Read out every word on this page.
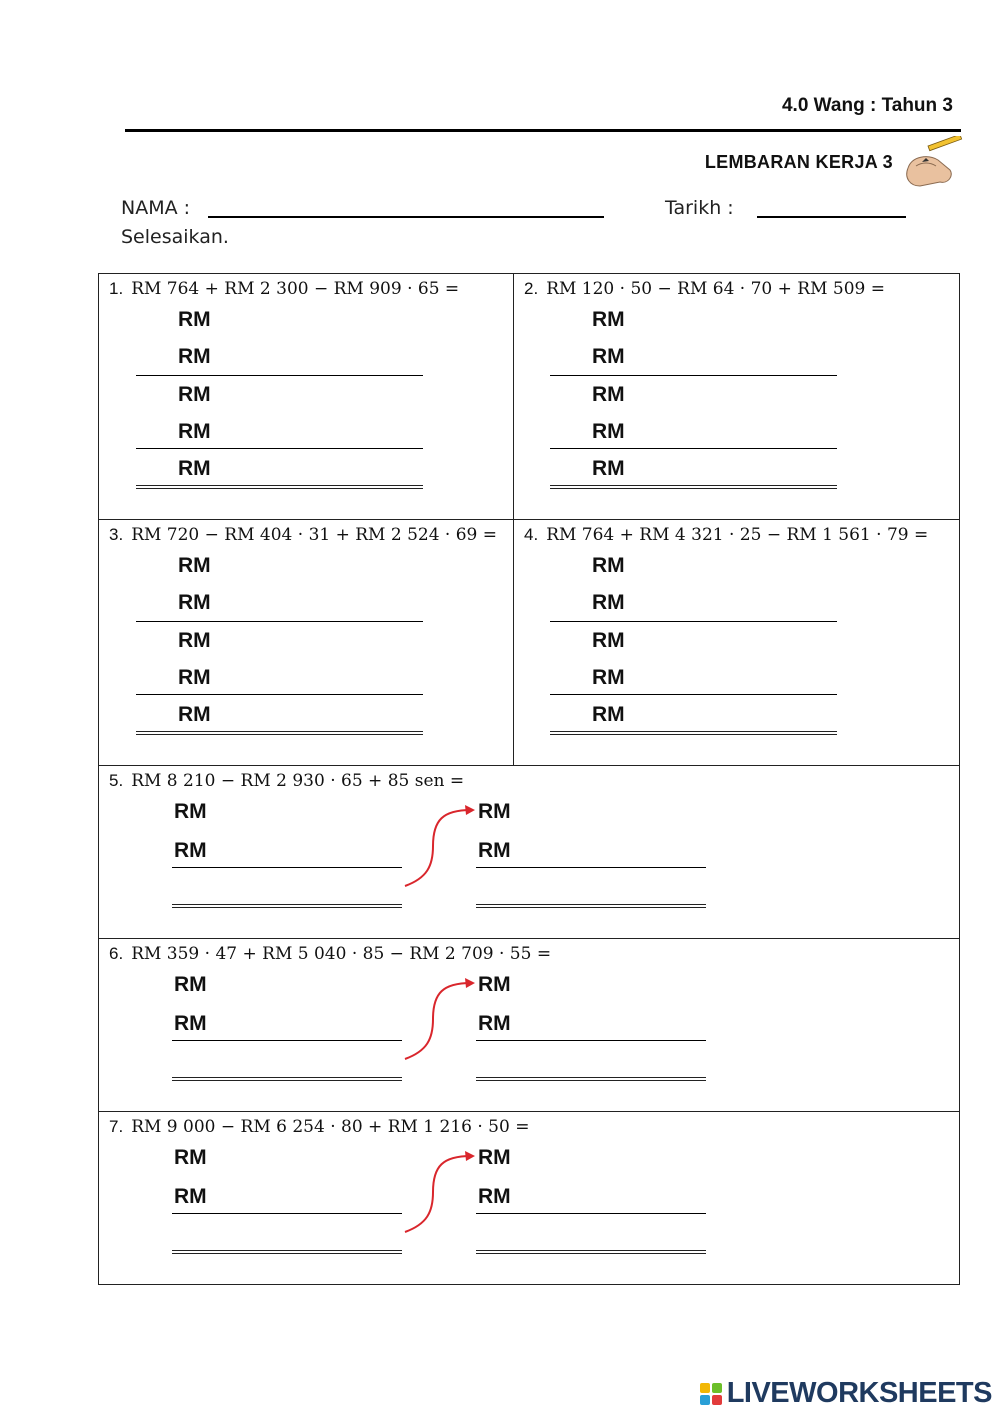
4.0 Wang : Tahun 3
LEMBARAN KERJA 3
NAMA :	Tarikh :
Selesaikan.
1. RM 764 + RM 2 300 − RM 909 · 65 =
RM
RM
RM
RM
RM
2. RM 120 · 50 − RM 64 · 70 + RM 509 =
RM
RM
RM
RM
RM
3. RM 720 − RM 404 · 31 + RM 2 524 · 69 =
RM
RM
RM
RM
RM
4. RM 764 + RM 4 321 · 25 − RM 1 561 · 79 =
RM
RM
RM
RM
RM
5. RM 8 210 − RM 2 930 · 65 + 85 sen =
RM
RM
RM
RM
6. RM 359 · 47 + RM 5 040 · 85 − RM 2 709 · 55 =
RM
RM
RM
RM
7. RM 9 000 − RM 6 254 · 80 + RM 1 216 · 50 =
RM
RM
RM
RM
LIVEWORKSHEETS
